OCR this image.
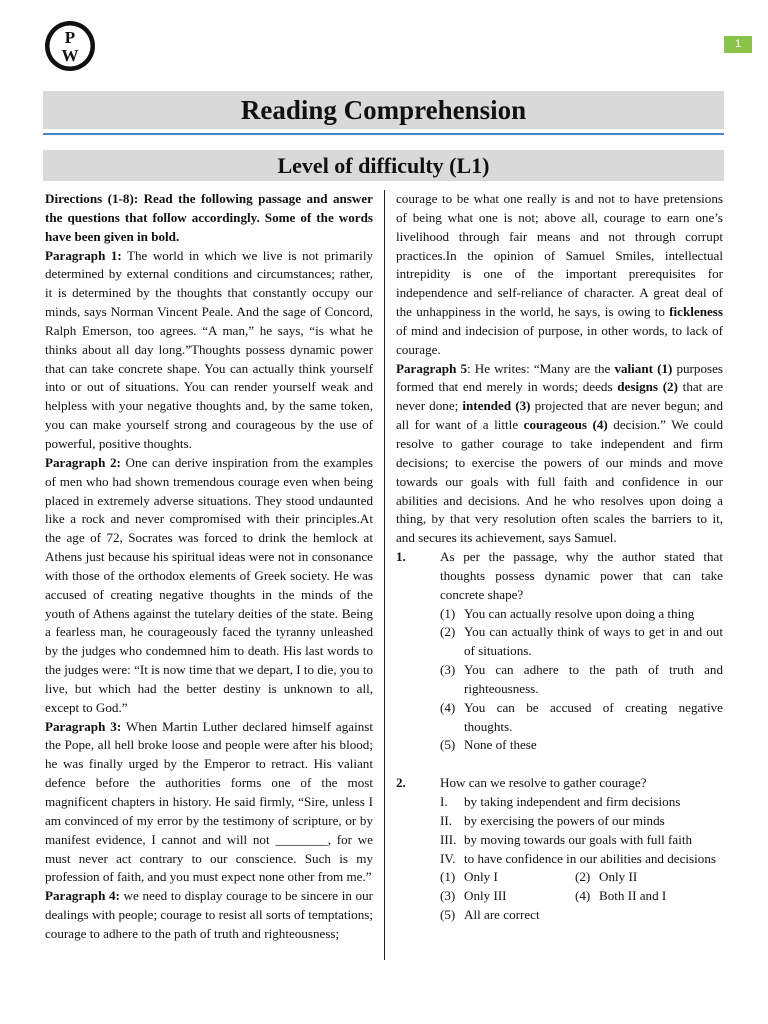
P
W
1
Reading Comprehension
Level of difficulty (L1)

Directions (1-8): Read the following passage and answer the questions that follow accordingly. Some of the words have been given in bold.

Paragraph 1: The world in which we live is not primarily determined by external conditions and circumstances; rather, it is determined by the thoughts that constantly occupy our minds, says Norman Vincent Peale. And the sage of Concord, Ralph Emerson, too agrees. “A man,” he says, “is what he thinks about all day long.”Thoughts possess dynamic power that can take concrete shape. You can actually think yourself into or out of situations. You can render yourself weak and helpless with your negative thoughts and, by the same token, you can make yourself strong and courageous by the use of powerful, positive thoughts.

Paragraph 2: One can derive inspiration from the examples of men who had shown tremendous courage even when being placed in extremely adverse situations. They stood undaunted like a rock and never compromised with their principles.At the age of 72, Socrates was forced to drink the hemlock at Athens just because his spiritual ideas were not in consonance with those of the orthodox elements of Greek society. He was accused of creating negative thoughts in the minds of the youth of Athens against the tutelary deities of the state. Being a fearless man, he courageously faced the tyranny unleashed by the judges who condemned him to death. His last words to the judges were: “It is now time that we depart, I to die, you to live, but which had the better destiny is unknown to all, except to God.”

Paragraph 3: When Martin Luther declared himself against the Pope, all hell broke loose and people were after his blood; he was finally urged by the Emperor to retract. His valiant defence before the authorities forms one of the most magnificent chapters in history. He said firmly, “Sire, unless I am convinced of my error by the testimony of scripture, or by manifest evidence, I cannot and will not ________, for we must never act contrary to our conscience. Such is my profession of faith, and you must expect none other from me.”

Paragraph 4: we need to display courage to be sincere in our dealings with people; courage to resist all sorts of temptations; courage to adhere to the path of truth and righteousness;

courage to be what one really is and not to have pretensions of being what one is not; above all, courage to earn one’s livelihood through fair means and not through corrupt practices.In the opinion of Samuel Smiles, intellectual intrepidity is one of the important prerequisites for independence and self-reliance of character. A great deal of the unhappiness in the world, he says, is owing to fickleness of mind and indecision of purpose, in other words, to lack of courage.

Paragraph 5: He writes: “Many are the valiant (1) purposes formed that end merely in words; deeds designs (2) that are never done; intended (3) projected that are never begun; and all for want of a little courageous (4) decision.” We could resolve to gather courage to take independent and firm decisions; to exercise the powers of our minds and move towards our goals with full faith and confidence in our abilities and decisions. And he who resolves upon doing a thing, by that very resolution often scales the barriers to it, and secures its achievement, says Samuel.

1.	As per the passage, why the author stated that thoughts possess dynamic power that can take concrete shape?
(1) You can actually resolve upon doing a thing
(2) You can actually think of ways to get in and out of situations.
(3) You can adhere to the path of truth and righteousness.
(4) You can be accused of creating negative thoughts.
(5) None of these
2.	How can we resolve to gather courage?
I.	by taking independent and firm decisions
II. by exercising the powers of our minds
III. by moving towards our goals with full faith
IV. to have confidence in our abilities and decisions
(1) Only I	(2) Only II
(3) Only III	(4) Both II and I
(5) All are correct
